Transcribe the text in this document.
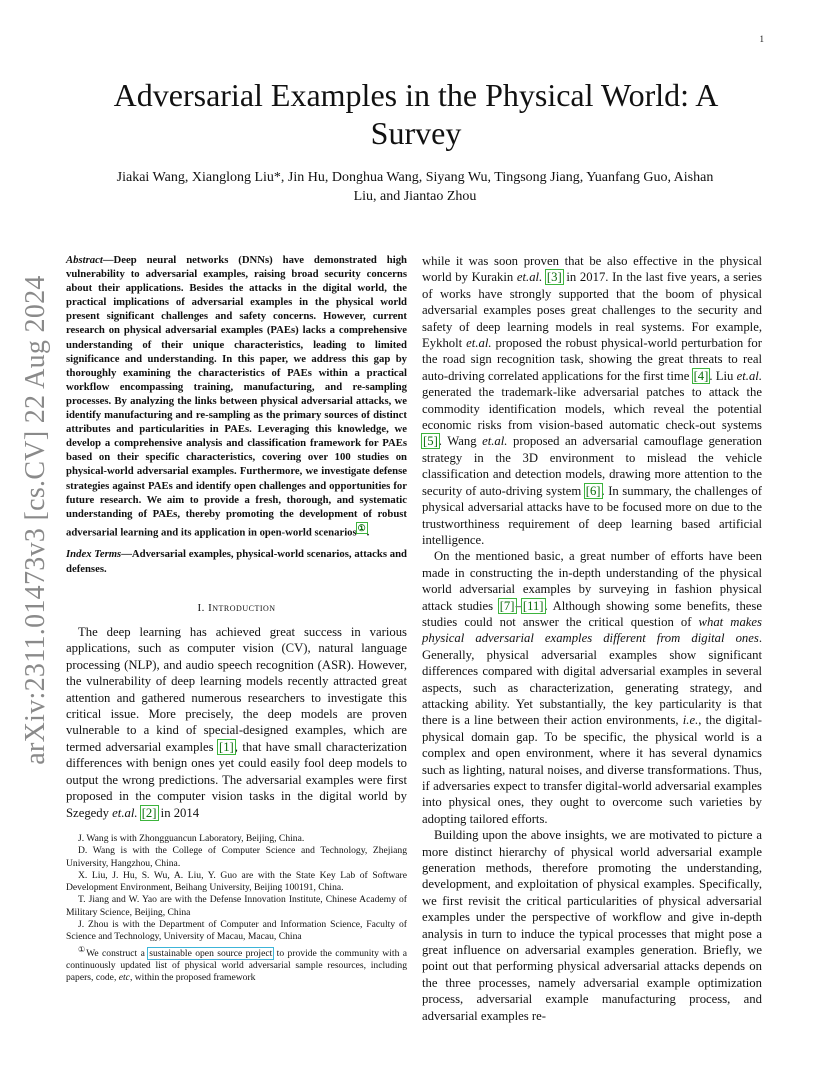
1
arXiv:2311.01473v3 [cs.CV] 22 Aug 2024
Adversarial Examples in the Physical World: A Survey
Jiakai Wang, Xianglong Liu*, Jin Hu, Donghua Wang, Siyang Wu, Tingsong Jiang, Yuanfang Guo, Aishan Liu, and Jiantao Zhou

Abstract—Deep neural networks (DNNs) have demonstrated high vulnerability to adversarial examples, raising broad security concerns about their applications. Besides the attacks in the digital world, the practical implications of adversarial examples in the physical world present significant challenges and safety concerns. However, current research on physical adversarial examples (PAEs) lacks a comprehensive understanding of their unique characteristics, leading to limited significance and understanding. In this paper, we address this gap by thoroughly examining the characteristics of PAEs within a practical workflow encompassing training, manufacturing, and re-sampling processes. By analyzing the links between physical adversarial attacks, we identify manufacturing and re-sampling as the primary sources of distinct attributes and particularities in PAEs. Leveraging this knowledge, we develop a comprehensive analysis and classification framework for PAEs based on their specific characteristics, covering over 100 studies on physical-world adversarial examples. Furthermore, we investigate defense strategies against PAEs and identify open challenges and opportunities for future research. We aim to provide a fresh, thorough, and systematic understanding of PAEs, thereby promoting the development of robust adversarial learning and its application in open-world scenarios①.

Index Terms—Adversarial examples, physical-world scenarios, attacks and defenses.

I. Introduction

The deep learning has achieved great success in various applications, such as computer vision (CV), natural language processing (NLP), and audio speech recognition (ASR). However, the vulnerability of deep learning models recently attracted great attention and gathered numerous researchers to investigate this critical issue. More precisely, the deep models are proven vulnerable to a kind of special-designed examples, which are termed adversarial examples [1], that have small characterization differences with benign ones yet could easily fool deep models to output the wrong predictions. The adversarial examples were first proposed in the computer vision tasks in the digital world by Szegedy et.al. [2] in 2014

J. Wang is with Zhongguancun Laboratory, Beijing, China.

D. Wang is with the College of Computer Science and Technology, Zhejiang University, Hangzhou, China.

X. Liu, J. Hu, S. Wu, A. Liu, Y. Guo are with the State Key Lab of Software Development Environment, Beihang University, Beijing 100191, China.

T. Jiang and W. Yao are with the Defense Innovation Institute, Chinese Academy of Military Science, Beijing, China

J. Zhou is with the Department of Computer and Information Science, Faculty of Science and Technology, University of Macau, Macau, China

①We construct a sustainable open source project to provide the community with a continuously updated list of physical world adversarial sample resources, including papers, code, etc, within the proposed framework

while it was soon proven that be also effective in the physical world by Kurakin et.al. [3] in 2017. In the last five years, a series of works have strongly supported that the boom of physical adversarial examples poses great challenges to the security and safety of deep learning models in real systems. For example, Eykholt et.al. proposed the robust physical-world perturbation for the road sign recognition task, showing the great threats to real auto-driving correlated applications for the first time [4]. Liu et.al. generated the trademark-like adversarial patches to attack the commodity identification models, which reveal the potential economic risks from vision-based automatic check-out systems [5]. Wang et.al. proposed an adversarial camouflage generation strategy in the 3D environment to mislead the vehicle classification and detection models, drawing more attention to the security of auto-driving system [6]. In summary, the challenges of physical adversarial attacks have to be focused more on due to the trustworthiness requirement of deep learning based artificial intelligence.

On the mentioned basic, a great number of efforts have been made in constructing the in-depth understanding of the physical world adversarial examples by surveying in fashion physical attack studies [7]–[11]. Although showing some benefits, these studies could not answer the critical question of what makes physical adversarial examples different from digital ones. Generally, physical adversarial examples show significant differences compared with digital adversarial examples in several aspects, such as characterization, generating strategy, and attacking ability. Yet substantially, the key particularity is that there is a line between their action environments, i.e., the digital-physical domain gap. To be specific, the physical world is a complex and open environment, where it has several dynamics such as lighting, natural noises, and diverse transformations. Thus, if adversaries expect to transfer digital-world adversarial examples into physical ones, they ought to overcome such varieties by adopting tailored efforts.

Building upon the above insights, we are motivated to picture a more distinct hierarchy of physical world adversarial example generation methods, therefore promoting the understanding, development, and exploitation of physical examples. Specifically, we first revisit the critical particularities of physical adversarial examples under the perspective of workflow and give in-depth analysis in turn to induce the typical processes that might pose a great influence on adversarial examples generation. Briefly, we point out that performing physical adversarial attacks depends on the three processes, namely adversarial example optimization process, adversarial example manufacturing process, and adversarial examples re-
